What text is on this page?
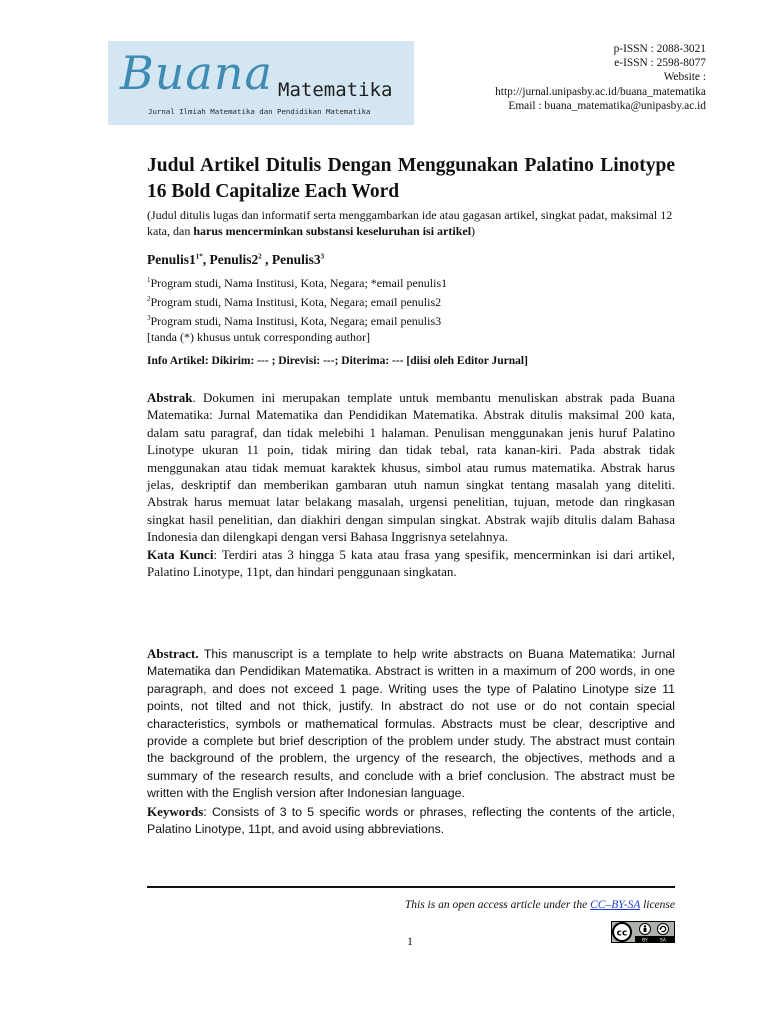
Buana Matematika
Jurnal Ilmiah Matematika dan Pendidikan Matematika
p-ISSN : 2088-3021
e-ISSN : 2598-8077
Website :
http://jurnal.unipasby.ac.id/buana_matematika
Email : buana_matematika@unipasby.ac.id
Judul Artikel Ditulis Dengan Menggunakan Palatino Linotype 16 Bold Capitalize Each Word
(Judul ditulis lugas dan informatif serta menggambarkan ide atau gagasan artikel, singkat padat, maksimal 12 kata, dan harus mencerminkan substansi keseluruhan isi artikel)
$Penulis1^{1*}$, $Penulis2^2$ , $Penulis3^3$
$^1$Program studi, Nama Institusi, Kota, Negara; *email penulis1
$^2$Program studi, Nama Institusi, Kota, Negara; email penulis2
$^3$Program studi, Nama Institusi, Kota, Negara; email penulis3
[tanda (*) khusus untuk corresponding author]
Info Artikel: Dikirim: --- ; Direvisi: ---; Diterima: --- [diisi oleh Editor Jurnal]
Abstrak. Dokumen ini merupakan template untuk membantu menuliskan abstrak pada Buana Matematika: Jurnal Matematika dan Pendidikan Matematika. Abstrak ditulis maksimal 200 kata, dalam satu paragraf, dan tidak melebihi 1 halaman. Penulisan menggunakan jenis huruf Palatino Linotype ukuran 11 poin, tidak miring dan tidak tebal, rata kanan-kiri. Pada abstrak tidak menggunakan atau tidak memuat karaktek khusus, simbol atau rumus matematika. Abstrak harus jelas, deskriptif dan memberikan gambaran utuh namun singkat tentang masalah yang diteliti. Abstrak harus memuat latar belakang masalah, urgensi penelitian, tujuan, metode dan ringkasan singkat hasil penelitian, dan diakhiri dengan simpulan singkat. Abstrak wajib ditulis dalam Bahasa Indonesia dan dilengkapi dengan versi Bahasa Inggrisnya setelahnya.
Kata Kunci: Terdiri atas 3 hingga 5 kata atau frasa yang spesifik, mencerminkan isi dari artikel, Palatino Linotype, 11pt, dan hindari penggunaan singkatan.
Abstract. This manuscript is a template to help write abstracts on Buana Matematika: Jurnal Matematika dan Pendidikan Matematika. Abstract is written in a maximum of 200 words, in one paragraph, and does not exceed 1 page. Writing uses the type of Palatino Linotype size 11 points, not tilted and not thick, justify. In abstract do not use or do not contain special characteristics, symbols or mathematical formulas. Abstracts must be clear, descriptive and provide a complete but brief description of the problem under study. The abstract must contain the background of the problem, the urgency of the research, the objectives, methods and a summary of the research results, and conclude with a brief conclusion. The abstract must be written with the English version after Indonesian language.
Keywords: Consists of 3 to 5 specific words or phrases, reflecting the contents of the article, Palatino Linotype, 11pt, and avoid using abbreviations.
This is an open access article under the CC–BY-SA license
1
cc
BY	SA
